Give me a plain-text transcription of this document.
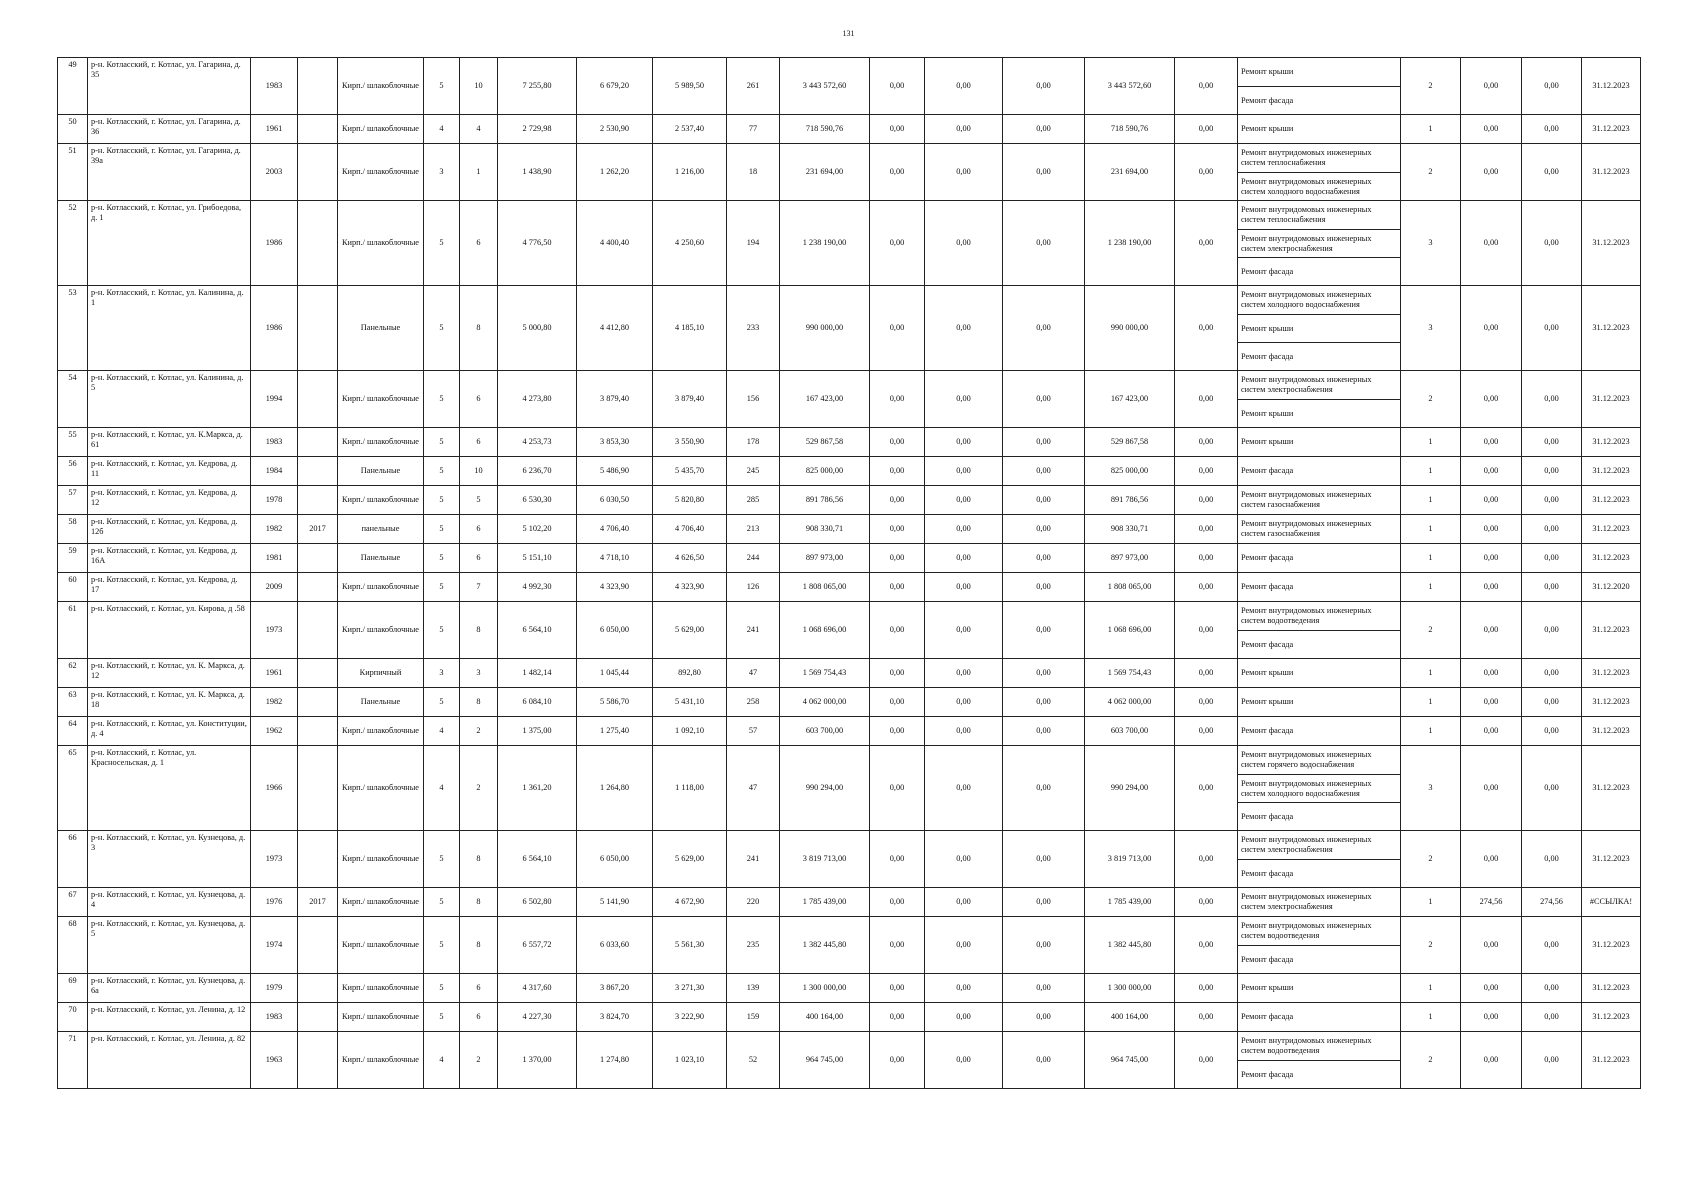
131
49	р-н. Котласский, г. Котлас, ул. Гагарина, д. 35	1983		Кирп./ шлакоблочные	5	10	7 255,80	6 679,20	5 989,50	261	3 443 572,60	0,00	0,00	0,00	3 443 572,60	0,00	Ремонт крыши
Ремонт фасада	2	0,00	0,00	31.12.2023
50	р-н. Котласский, г. Котлас, ул. Гагарина, д. 36	1961		Кирп./ шлакоблочные	4	4	2 729,98	2 530,90	2 537,40	77	718 590,76	0,00	0,00	0,00	718 590,76	0,00	Ремонт крыши	1	0,00	0,00	31.12.2023
51	р-н. Котласский, г. Котлас, ул. Гагарина, д. 39а	2003		Кирп./ шлакоблочные	3	1	1 438,90	1 262,20	1 216,00	18	231 694,00	0,00	0,00	0,00	231 694,00	0,00	Ремонт внутридомовых инженерных систем теплоснабжения
Ремонт внутридомовых инженерных систем холодного водоснабжения	2	0,00	0,00	31.12.2023
52	р-н. Котласский, г. Котлас, ул. Грибоедова, д. 1	1986		Кирп./ шлакоблочные	5	6	4 776,50	4 400,40	4 250,60	194	1 238 190,00	0,00	0,00	0,00	1 238 190,00	0,00	Ремонт внутридомовых инженерных систем теплоснабжения
Ремонт внутридомовых инженерных систем электроснабжения
Ремонт фасада	3	0,00	0,00	31.12.2023
53	р-н. Котласский, г. Котлас, ул. Калинина, д. 1	1986		Панельные	5	8	5 000,80	4 412,80	4 185,10	233	990 000,00	0,00	0,00	0,00	990 000,00	0,00	Ремонт внутридомовых инженерных систем холодного водоснабжения
Ремонт крыши
Ремонт фасада	3	0,00	0,00	31.12.2023
54	р-н. Котласский, г. Котлас, ул. Калинина, д. 5	1994		Кирп./ шлакоблочные	5	6	4 273,80	3 879,40	3 879,40	156	167 423,00	0,00	0,00	0,00	167 423,00	0,00	Ремонт внутридомовых инженерных систем электроснабжения
Ремонт крыши	2	0,00	0,00	31.12.2023
55	р-н. Котласский, г. Котлас, ул. К.Маркса, д. 61	1983		Кирп./ шлакоблочные	5	6	4 253,73	3 853,30	3 550,90	178	529 867,58	0,00	0,00	0,00	529 867,58	0,00	Ремонт крыши	1	0,00	0,00	31.12.2023
56	р-н. Котласский, г. Котлас, ул. Кедрова, д. 11	1984		Панельные	5	10	6 236,70	5 486,90	5 435,70	245	825 000,00	0,00	0,00	0,00	825 000,00	0,00	Ремонт фасада	1	0,00	0,00	31.12.2023
57	р-н. Котласский, г. Котлас, ул. Кедрова, д. 12	1978		Кирп./ шлакоблочные	5	5	6 530,30	6 030,50	5 820,80	285	891 786,56	0,00	0,00	0,00	891 786,56	0,00	Ремонт внутридомовых инженерных систем газоснабжения	1	0,00	0,00	31.12.2023
58	р-н. Котласский, г. Котлас, ул. Кедрова, д. 12б	1982	2017	панельные	5	6	5 102,20	4 706,40	4 706,40	213	908 330,71	0,00	0,00	0,00	908 330,71	0,00	Ремонт внутридомовых инженерных систем газоснабжения	1	0,00	0,00	31.12.2023
59	р-н. Котласский, г. Котлас, ул. Кедрова, д. 16А	1981		Панельные	5	6	5 151,10	4 718,10	4 626,50	244	897 973,00	0,00	0,00	0,00	897 973,00	0,00	Ремонт фасада	1	0,00	0,00	31.12.2023
60	р-н. Котласский, г. Котлас, ул. Кедрова, д. 17	2009		Кирп./ шлакоблочные	5	7	4 992,30	4 323,90	4 323,90	126	1 808 065,00	0,00	0,00	0,00	1 808 065,00	0,00	Ремонт фасада	1	0,00	0,00	31.12.2020
61	р-н. Котласский, г. Котлас, ул. Кирова, д .58	1973		Кирп./ шлакоблочные	5	8	6 564,10	6 050,00	5 629,00	241	1 068 696,00	0,00	0,00	0,00	1 068 696,00	0,00	Ремонт внутридомовых инженерных систем водоотведения
Ремонт фасада	2	0,00	0,00	31.12.2023
62	р-н. Котласский, г. Котлас, ул. К. Маркса, д. 12	1961		Кирпичный	3	3	1 482,14	1 045,44	892,80	47	1 569 754,43	0,00	0,00	0,00	1 569 754,43	0,00	Ремонт крыши	1	0,00	0,00	31.12.2023
63	р-н. Котласский, г. Котлас, ул. К. Маркса, д. 18	1982		Панельные	5	8	6 084,10	5 586,70	5 431,10	258	4 062 000,00	0,00	0,00	0,00	4 062 000,00	0,00	Ремонт крыши	1	0,00	0,00	31.12.2023
64	р-н. Котласский, г. Котлас, ул. Конституции, д. 4	1962		Кирп./ шлакоблочные	4	2	1 375,00	1 275,40	1 092,10	57	603 700,00	0,00	0,00	0,00	603 700,00	0,00	Ремонт фасада	1	0,00	0,00	31.12.2023
65	р-н. Котласский, г. Котлас, ул. Красносельская, д. 1	1966		Кирп./ шлакоблочные	4	2	1 361,20	1 264,80	1 118,00	47	990 294,00	0,00	0,00	0,00	990 294,00	0,00	Ремонт внутридомовых инженерных систем горячего водоснабжения
Ремонт внутридомовых инженерных систем холодного водоснабжения
Ремонт фасада	3	0,00	0,00	31.12.2023
66	р-н. Котласский, г. Котлас, ул. Кузнецова, д. 3	1973		Кирп./ шлакоблочные	5	8	6 564,10	6 050,00	5 629,00	241	3 819 713,00	0,00	0,00	0,00	3 819 713,00	0,00	Ремонт внутридомовых инженерных систем электроснабжения
Ремонт фасада	2	0,00	0,00	31.12.2023
67	р-н. Котласский, г. Котлас, ул. Кузнецова, д. 4	1976	2017	Кирп./ шлакоблочные	5	8	6 502,80	5 141,90	4 672,90	220	1 785 439,00	0,00	0,00	0,00	1 785 439,00	0,00	Ремонт внутридомовых инженерных систем электроснабжения	1	274,56	274,56	#ССЫЛКА!
68	р-н. Котласский, г. Котлас, ул. Кузнецова, д. 5	1974		Кирп./ шлакоблочные	5	8	6 557,72	6 033,60	5 561,30	235	1 382 445,80	0,00	0,00	0,00	1 382 445,80	0,00	Ремонт внутридомовых инженерных систем водоотведения
Ремонт фасада	2	0,00	0,00	31.12.2023
69	р-н. Котласский, г. Котлас, ул. Кузнецова, д. 6а	1979		Кирп./ шлакоблочные	5	6	4 317,60	3 867,20	3 271,30	139	1 300 000,00	0,00	0,00	0,00	1 300 000,00	0,00	Ремонт крыши	1	0,00	0,00	31.12.2023
70	р-н. Котласский, г. Котлас, ул. Ленина, д. 12	1983		Кирп./ шлакоблочные	5	6	4 227,30	3 824,70	3 222,90	159	400 164,00	0,00	0,00	0,00	400 164,00	0,00	Ремонт фасада	1	0,00	0,00	31.12.2023
71	р-н. Котласский, г. Котлас, ул. Ленина, д. 82	1963		Кирп./ шлакоблочные	4	2	1 370,00	1 274,80	1 023,10	52	964 745,00	0,00	0,00	0,00	964 745,00	0,00	Ремонт внутридомовых инженерных систем водоотведения
Ремонт фасада	2	0,00	0,00	31.12.2023
